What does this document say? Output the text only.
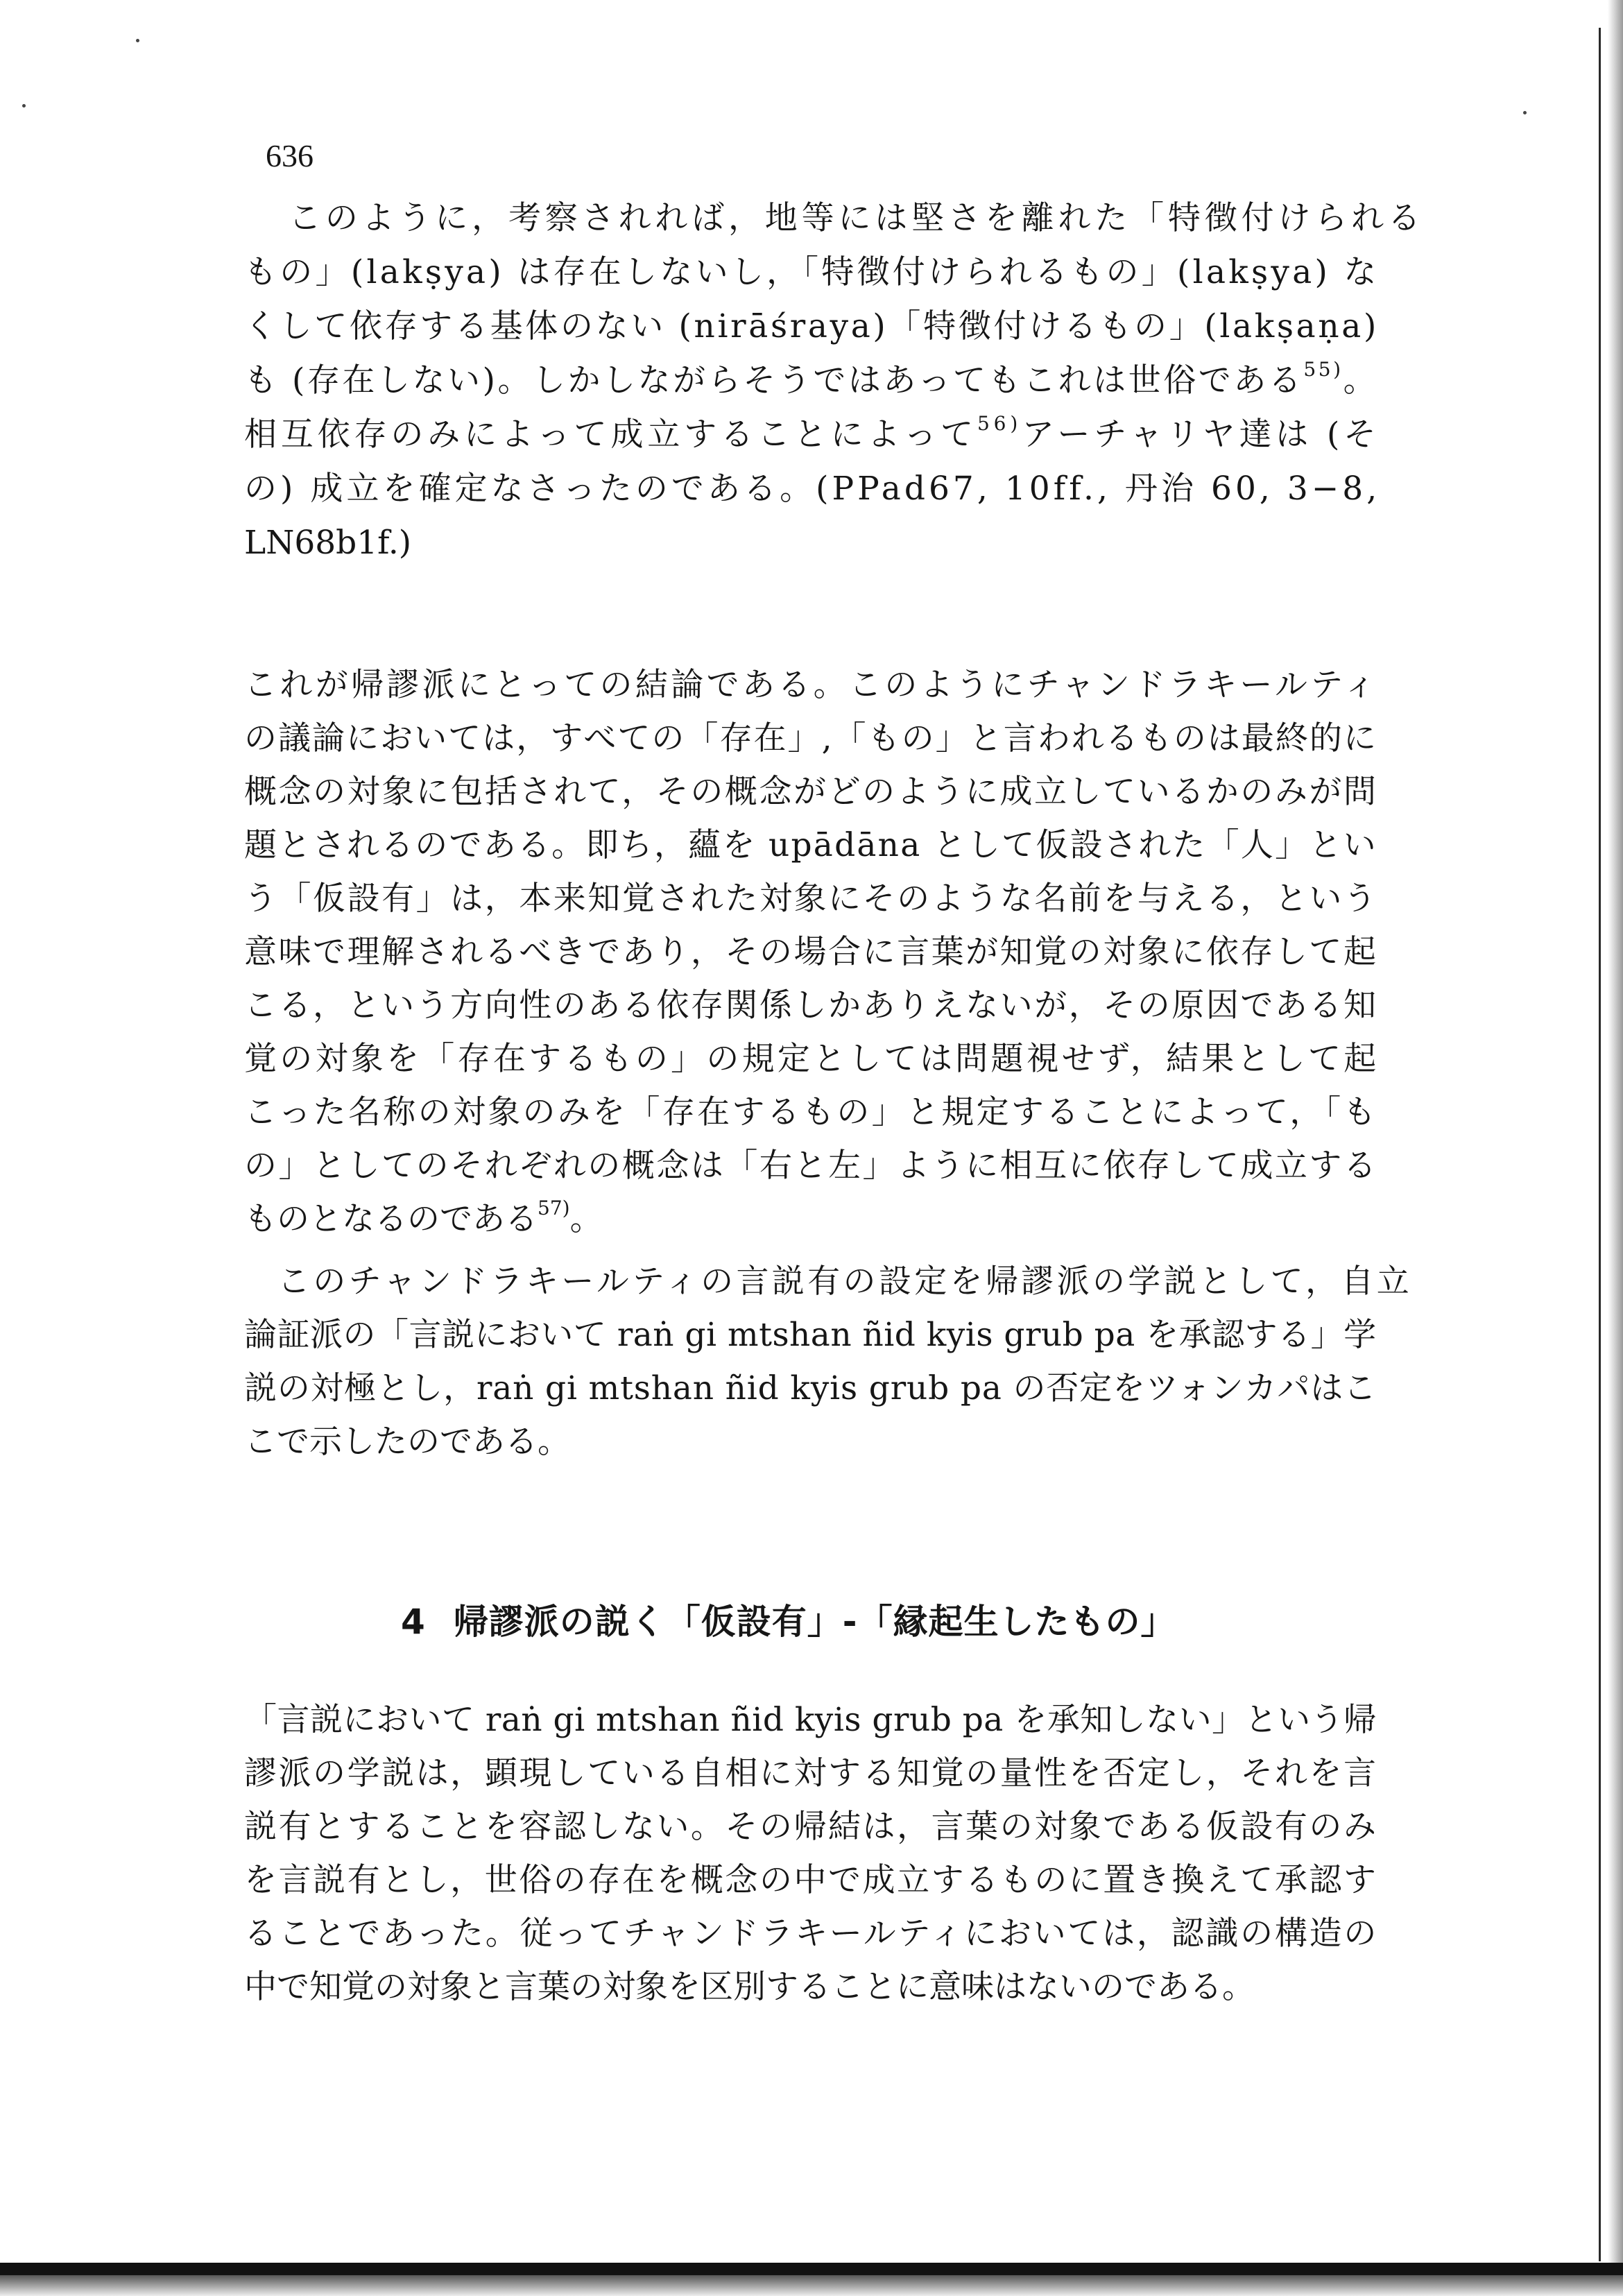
636

このように，考察されれば，地等には堅さを離れた「特徴付けられる

もの」(lakṣya) は存在しないし，「特徴付けられるもの」(lakṣya) な

くして依存する基体のない (nirāśraya)「特徴付けるもの」(lakṣaṇa)

も (存在しない)。しかしながらそうではあってもこれは世俗である$^{55)}$。

相互依存のみによって成立することによって$^{56)}$アーチャリヤ達は (そ

の) 成立を確定なさったのである。(PPad67, 10ff., 丹治 60, 3−8,

LN68b1f.)

これが帰謬派にとっての結論である。このようにチャンドラキールティ

の議論においては，すべての「存在」,「もの」と言われるものは最終的に

概念の対象に包括されて，その概念がどのように成立しているかのみが問

題とされるのである。即ち，蘊を upādāna として仮設された「人」とい

う「仮設有」は，本来知覚された対象にそのような名前を与える，という

意味で理解されるべきであり，その場合に言葉が知覚の対象に依存して起

こる，という方向性のある依存関係しかありえないが，その原因である知

覚の対象を「存在するもの」の規定としては問題視せず，結果として起

こった名称の対象のみを「存在するもの」と規定することによって，「も

の」としてのそれぞれの概念は「右と左」ように相互に依存して成立する

ものとなるのである$^{57)}$。

このチャンドラキールティの言説有の設定を帰謬派の学説として，自立

論証派の「言説において raṅ gi mtshan ñid kyis grub pa を承認する」学

説の対極とし，raṅ gi mtshan ñid kyis grub pa の否定をツォンカパはこ

こで示したのである。

4 帰謬派の説く「仮設有」-「縁起生したもの」

「言説において raṅ gi mtshan ñid kyis grub pa を承知しない」という帰

謬派の学説は，顕現している自相に対する知覚の量性を否定し，それを言

説有とすることを容認しない。その帰結は，言葉の対象である仮設有のみ

を言説有とし，世俗の存在を概念の中で成立するものに置き換えて承認す

ることであった。従ってチャンドラキールティにおいては，認識の構造の

中で知覚の対象と言葉の対象を区別することに意味はないのである。
